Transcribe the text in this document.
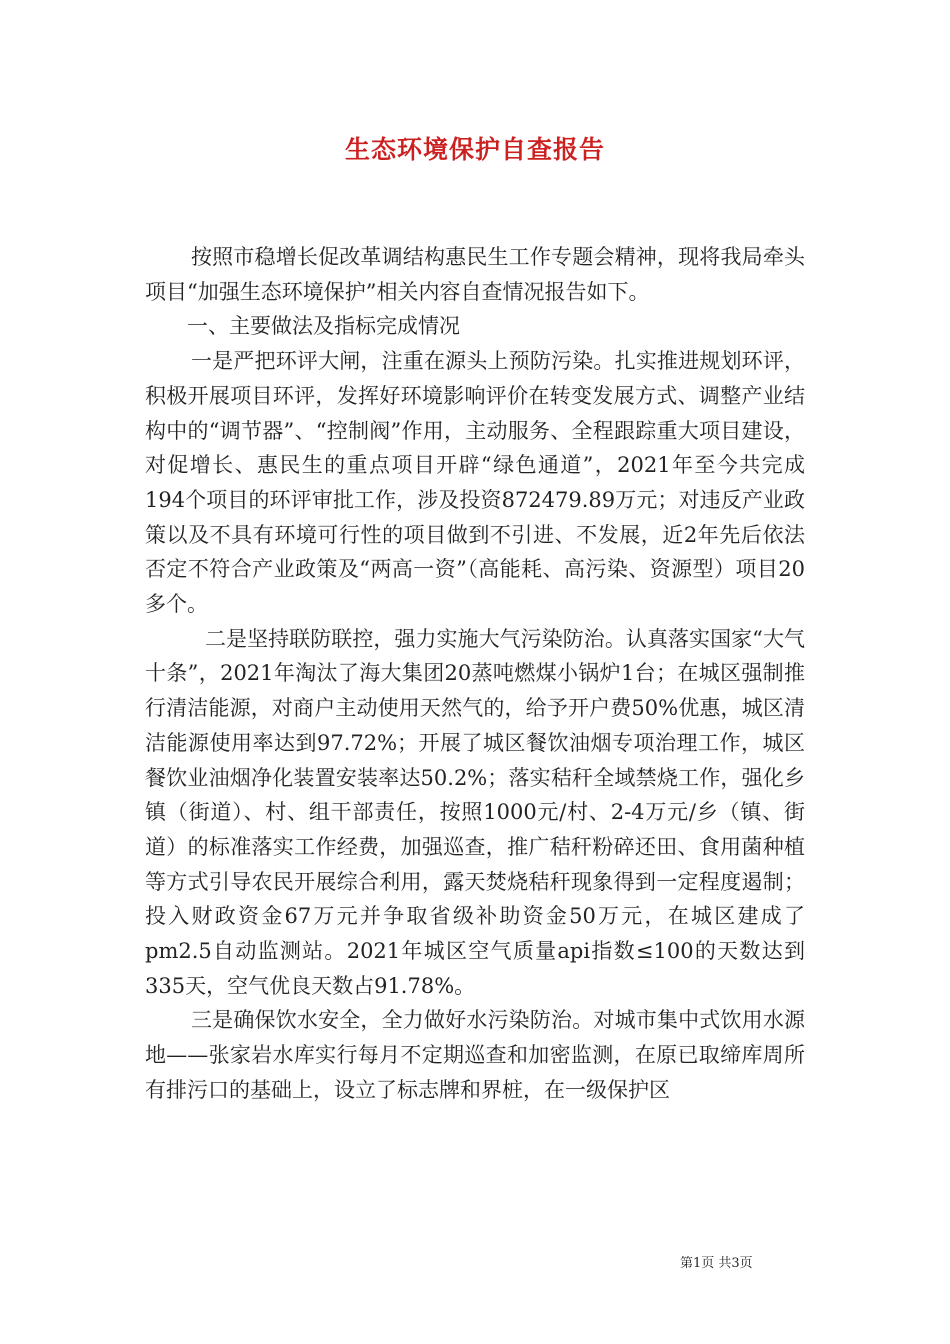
生态环境保护自查报告

按照市稳增长促改革调结构惠民生工作专题会精神，现将我局牵头项目“加强生态环境保护”相关内容自查情况报告如下。

一、主要做法及指标完成情况

一是严把环评大闸，注重在源头上预防污染。扎实推进规划环评，积极开展项目环评，发挥好环境影响评价在转变发展方式、调整产业结构中的“调节器”、“控制阀”作用，主动服务、全程跟踪重大项目建设，对促增长、惠民生的重点项目开辟“绿色通道”，2021年至今共完成194个项目的环评审批工作，涉及投资872479.89万元；对违反产业政策以及不具有环境可行性的项目做到不引进、不发展，近2年先后依法否定不符合产业政策及“两高一资”（高能耗、高污染、资源型）项目20多个。

二是坚持联防联控，强力实施大气污染防治。认真落实国家“大气十条”，2021年淘汰了海大集团20蒸吨燃煤小锅炉1台；在城区强制推行清洁能源，对商户主动使用天然气的，给予开户费50%优惠，城区清洁能源使用率达到97.72%；开展了城区餐饮油烟专项治理工作，城区餐饮业油烟净化装置安装率达50.2%；落实秸秆全域禁烧工作，强化乡镇（街道）、村、组干部责任，按照1000元/村、2-4万元/乡（镇、街道）的标准落实工作经费，加强巡查，推广秸秆粉碎还田、食用菌种植等方式引导农民开展综合利用，露天焚烧秸秆现象得到一定程度遏制；投入财政资金67万元并争取省级补助资金50万元，在城区建成了pm2.5自动监测站。2021年城区空气质量api指数≤100的天数达到335天，空气优良天数占91.78%。

三是确保饮水安全，全力做好水污染防治。对城市集中式饮用水源地——张家岩水库实行每月不定期巡查和加密监测，在原已取缔库周所有排污口的基础上，设立了标志牌和界桩，在一级保护区

第1页 共3页
